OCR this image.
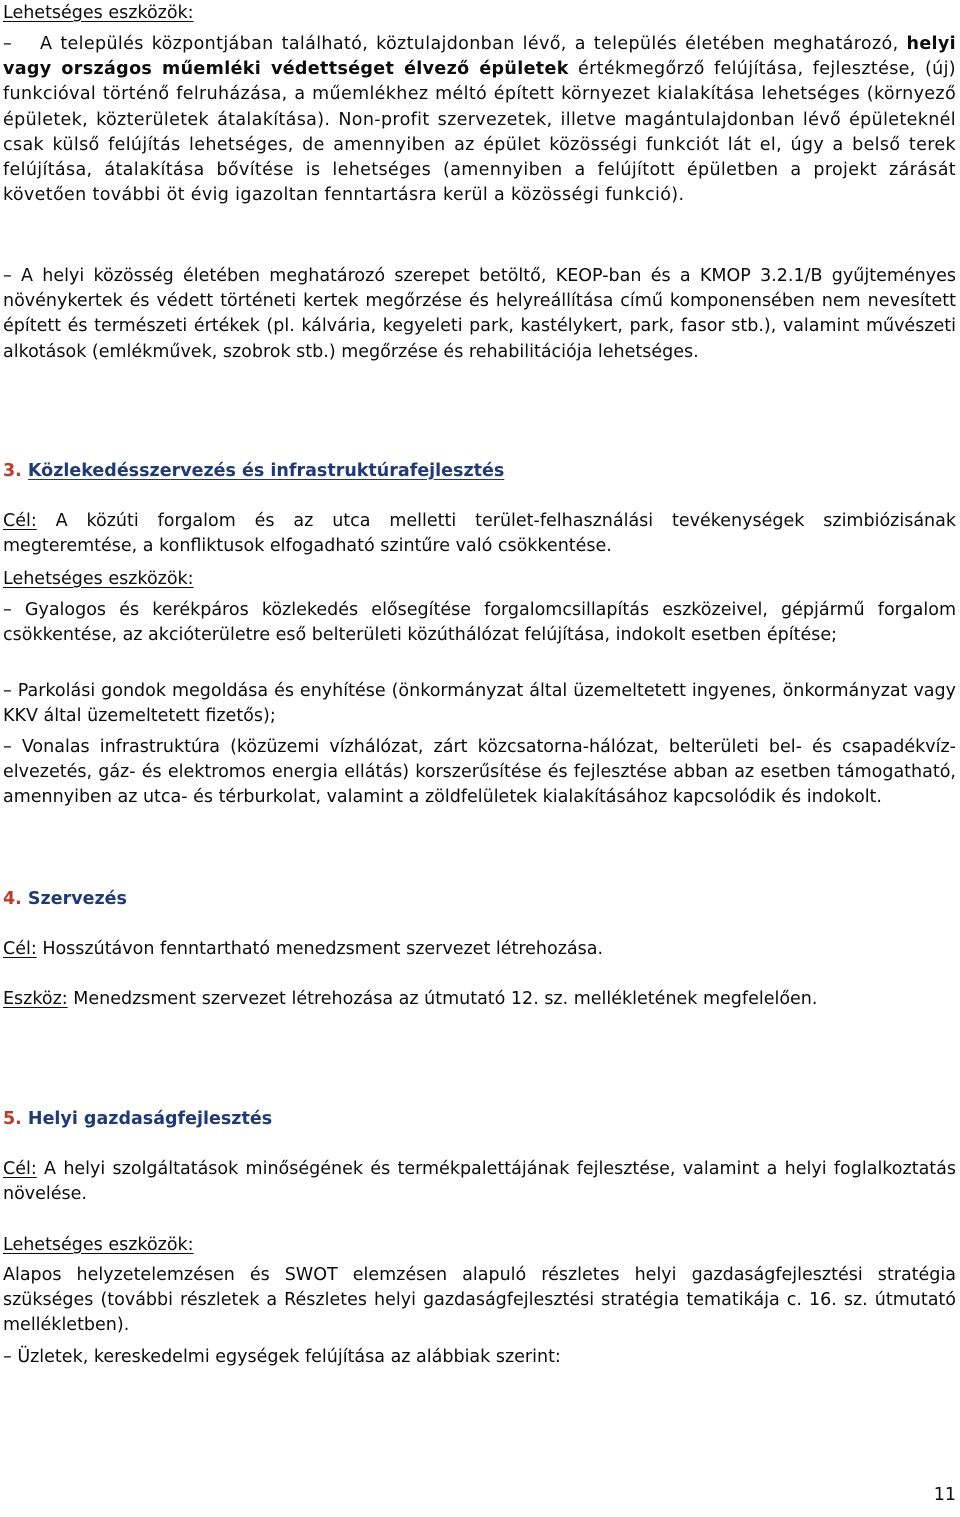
Lehetséges eszközök:

– A település központjában található, köztulajdonban lévő, a település életében meghatározó, helyi vagy országos műemléki védettséget élvező épületek értékmegőrző felújítása, fejlesztése, (új) funkcióval történő felruházása, a műemlékhez méltó épített környezet kialakítása lehetséges (környező épületek, közterületek átalakítása). Non-profit szervezetek, illetve magántulajdonban lévő épületeknél csak külső felújítás lehetséges, de amennyiben az épület közösségi funkciót lát el, úgy a belső terek felújítása, átalakítása bővítése is lehetséges (amennyiben a felújított épületben a projekt zárását követően további öt évig igazoltan fenntartásra kerül a közösségi funkció).

– A helyi közösség életében meghatározó szerepet betöltő, KEOP-ban és a KMOP 3.2.1/B gyűjteményes növénykertek és védett történeti kertek megőrzése és helyreállítása című komponensében nem nevesített épített és természeti értékek (pl. kálvária, kegyeleti park, kastélykert, park, fasor stb.), valamint művészeti alkotások (emlékművek, szobrok stb.) megőrzése és rehabilitációja lehetséges.

3. Közlekedésszervezés és infrastruktúrafejlesztés

Cél: A közúti forgalom és az utca melletti terület-felhasználási tevékenységek szimbiózisának megteremtése, a konfliktusok elfogadható szintűre való csökkentése.

Lehetséges eszközök:

– Gyalogos és kerékpáros közlekedés elősegítése forgalomcsillapítás eszközeivel, gépjármű forgalom csökkentése, az akcióterületre eső belterületi közúthálózat felújítása, indokolt esetben építése;

– Parkolási gondok megoldása és enyhítése (önkormányzat által üzemeltetett ingyenes, önkormányzat vagy KKV által üzemeltetett fizetős);

– Vonalas infrastruktúra (közüzemi vízhálózat, zárt közcsatorna-hálózat, belterületi bel- és csapadékvíz-elvezetés, gáz- és elektromos energia ellátás) korszerűsítése és fejlesztése abban az esetben támogatható, amennyiben az utca- és térburkolat, valamint a zöldfelületek kialakításához kapcsolódik és indokolt.

4. Szervezés

Cél: Hosszútávon fenntartható menedzsment szervezet létrehozása.

Eszköz: Menedzsment szervezet létrehozása az útmutató 12. sz. mellékletének megfelelően.

5. Helyi gazdaságfejlesztés

Cél: A helyi szolgáltatások minőségének és termékpalettájának fejlesztése, valamint a helyi foglalkoztatás növelése.

Lehetséges eszközök:

Alapos helyzetelemzésen és SWOT elemzésen alapuló részletes helyi gazdaságfejlesztési stratégia szükséges (további részletek a Részletes helyi gazdaságfejlesztési stratégia tematikája c. 16. sz. útmutató mellékletben).

– Üzletek, kereskedelmi egységek felújítása az alábbiak szerint:

11
